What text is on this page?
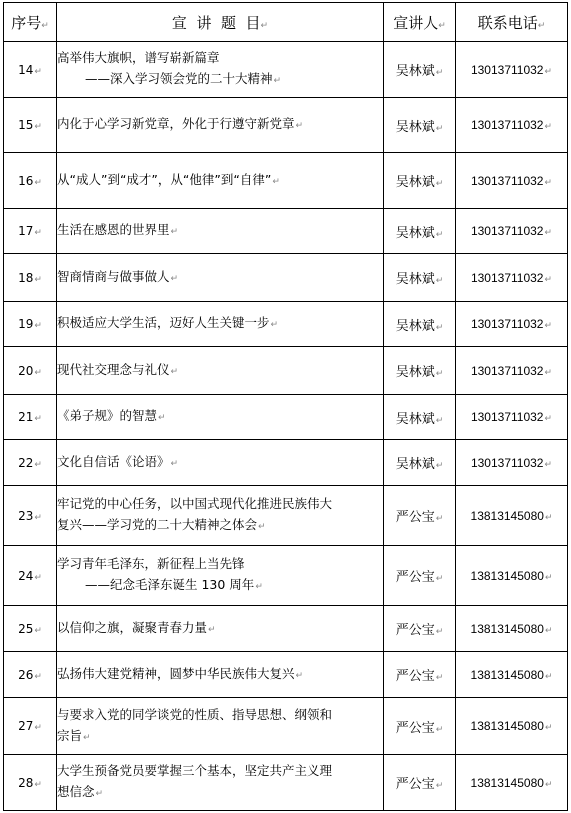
序号↵	宣  讲  题  目↵	宣讲人↵	联系电话↵
14↵	高举伟大旗帜，谱写崭新篇章
——深入学习领会党的二十大精神↵	吴林斌↵	13013711032↵
15↵	内化于心学习新党章，外化于行遵守新党章↵	吴林斌↵	13013711032↵
16↵	从“成人”到“成才”，从“他律”到“自律”↵	吴林斌↵	13013711032↵
17↵	生活在感恩的世界里↵	吴林斌↵	13013711032↵
18↵	智商情商与做事做人↵	吴林斌↵	13013711032↵
19↵	积极适应大学生活，迈好人生关键一步↵	吴林斌↵	13013711032↵
20↵	现代社交理念与礼仪↵	吴林斌↵	13013711032↵
21↵	《弟子规》的智慧↵	吴林斌↵	13013711032↵
22↵	文化自信话《论语》↵	吴林斌↵	13013711032↵
23↵	牢记党的中心任务，以中国式现代化推进民族伟大
复兴——学习党的二十大精神之体会↵	严公宝↵	13813145080↵
24↵	学习青年毛泽东，新征程上当先锋
——纪念毛泽东诞生 130 周年↵	严公宝↵	13813145080↵
25↵	以信仰之旗，凝聚青春力量↵	严公宝↵	13813145080↵
26↵	弘扬伟大建党精神，圆梦中华民族伟大复兴↵	严公宝↵	13813145080↵
27↵	与要求入党的同学谈党的性质、指导思想、纲领和
宗旨↵	严公宝↵	13813145080↵
28↵	大学生预备党员要掌握三个基本，坚定共产主义理
想信念↵	严公宝↵	13813145080↵
